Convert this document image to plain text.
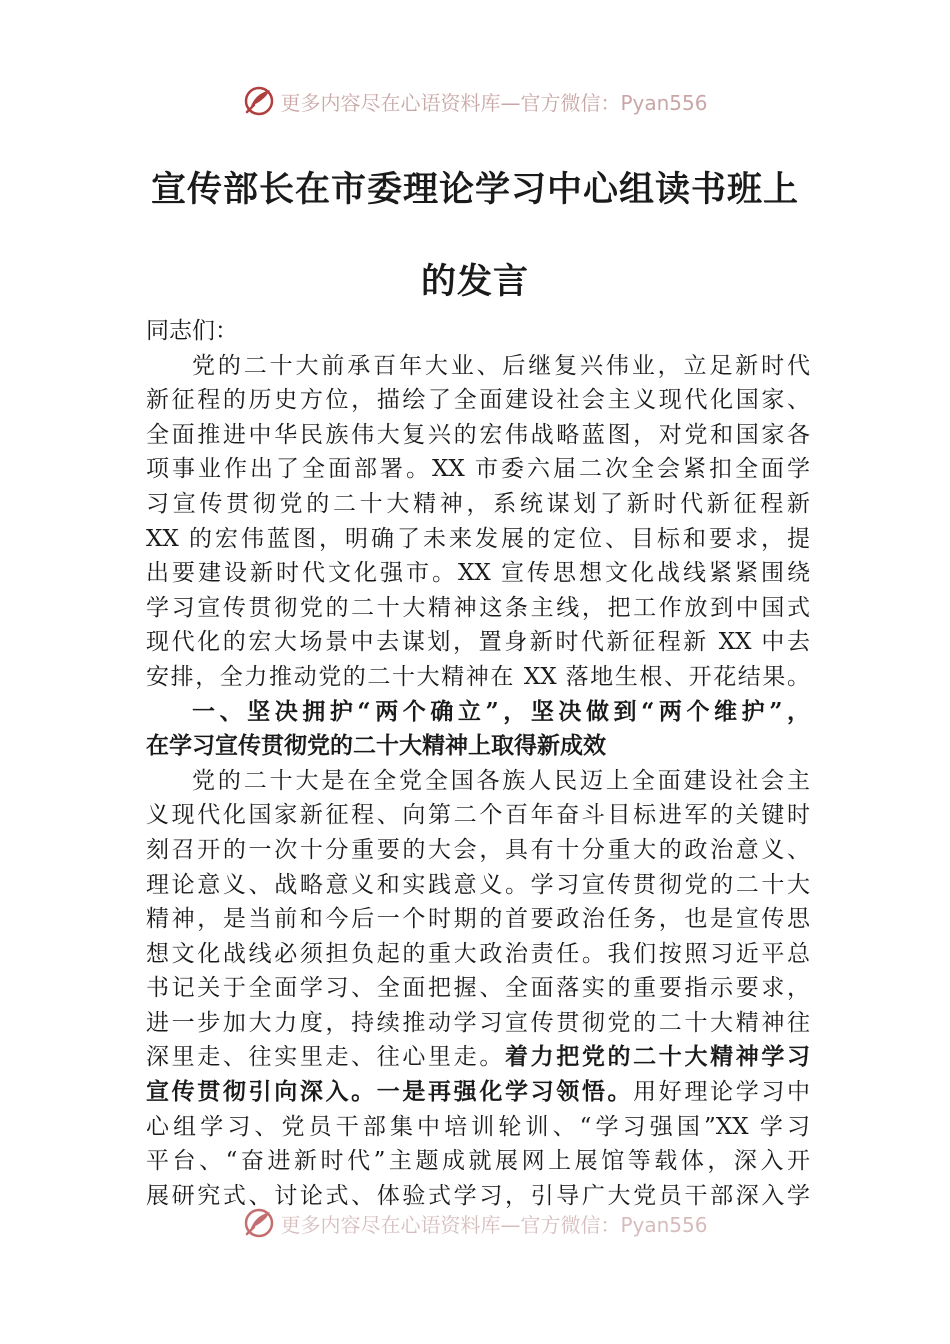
更多内容尽在心语资料库—官方微信：Pyan556
宣传部长在市委理论学习中心组读书班上
的发言
同志们：
党的二十大前承百年大业、后继复兴伟业，立足新时代
新征程的历史方位，描绘了全面建设社会主义现代化国家、
全面推进中华民族伟大复兴的宏伟战略蓝图，对党和国家各
项事业作出了全面部署。XX 市委六届二次全会紧扣全面学
习宣传贯彻党的二十大精神，系统谋划了新时代新征程新
XX 的宏伟蓝图，明确了未来发展的定位、目标和要求，提
出要建设新时代文化强市。XX 宣传思想文化战线紧紧围绕
学习宣传贯彻党的二十大精神这条主线，把工作放到中国式
现代化的宏大场景中去谋划，置身新时代新征程新 XX 中去
安排，全力推动党的二十大精神在 XX 落地生根、开花结果。
一、坚决拥护“两个确立”，坚决做到“两个维护”，
在学习宣传贯彻党的二十大精神上取得新成效
党的二十大是在全党全国各族人民迈上全面建设社会主
义现代化国家新征程、向第二个百年奋斗目标进军的关键时
刻召开的一次十分重要的大会，具有十分重大的政治意义、
理论意义、战略意义和实践意义。学习宣传贯彻党的二十大
精神，是当前和今后一个时期的首要政治任务，也是宣传思
想文化战线必须担负起的重大政治责任。我们按照习近平总
书记关于全面学习、全面把握、全面落实的重要指示要求，
进一步加大力度，持续推动学习宣传贯彻党的二十大精神往
深里走、往实里走、往心里走。着力把党的二十大精神学习
宣传贯彻引向深入。一是再强化学习领悟。用好理论学习中
心组学习、党员干部集中培训轮训、“学习强国”XX 学习
平台、“奋进新时代”主题成就展网上展馆等载体，深入开
展研究式、讨论式、体验式学习，引导广大党员干部深入学
更多内容尽在心语资料库—官方微信：Pyan556
